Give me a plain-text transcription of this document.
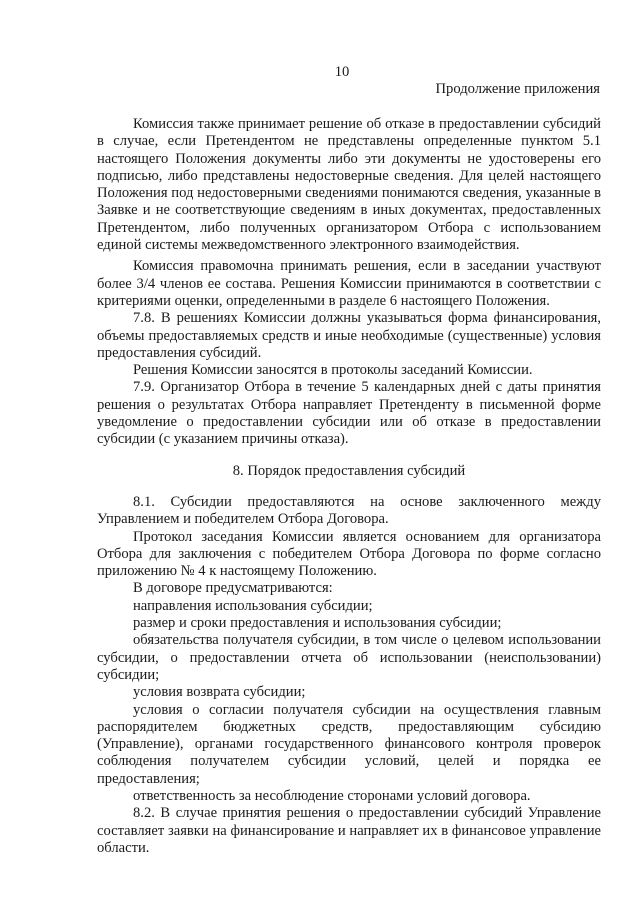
10
Продолжение приложения

Комиссия также принимает решение об отказе в предоставлении субсидий в случае, если Претендентом не представлены определенные пунктом 5.1 настоящего Положения документы либо эти документы не удостоверены его подписью, либо представлены недостоверные сведения. Для целей настоящего Положения под недостоверными сведениями понимаются сведения, указанные в Заявке и не соответствующие сведениям в иных документах, предоставленных Претендентом, либо полученных организатором Отбора с использованием единой системы межведомственного электронного взаимодействия.

Комиссия правомочна принимать решения, если в заседании участвуют более 3/4 членов ее состава. Решения Комиссии принимаются в соответствии с критериями оценки, определенными в разделе 6 настоящего Положения.

7.8. В решениях Комиссии должны указываться форма финансирования, объемы предоставляемых средств и иные необходимые (существенные) условия предоставления субсидий.

Решения Комиссии заносятся в протоколы заседаний Комиссии.

7.9. Организатор Отбора в течение 5 календарных дней с даты принятия решения о результатах Отбора направляет Претенденту в письменной форме уведомление о предоставлении субсидии или об отказе в предоставлении субсидии (с указанием причины отказа).

8. Порядок предоставления субсидий

8.1. Субсидии предоставляются на основе заключенного между Управлением и победителем Отбора Договора.

Протокол заседания Комиссии является основанием для организатора Отбора для заключения с победителем Отбора Договора по форме согласно приложению № 4 к настоящему Положению.

В договоре предусматриваются:

направления использования субсидии;

размер и сроки предоставления и использования субсидии;

обязательства получателя субсидии, в том числе о целевом использовании субсидии, о предоставлении отчета об использовании (неиспользовании) субсидии;

условия возврата субсидии;

условия о согласии получателя субсидии на осуществления главным распорядителем бюджетных средств, предоставляющим субсидию (Управление), органами государственного финансового контроля проверок соблюдения получателем субсидии условий, целей и порядка ее предоставления;

ответственность за несоблюдение сторонами условий договора.

8.2. В случае принятия решения о предоставлении субсидий Управление составляет заявки на финансирование и направляет их в финансовое управление области.
